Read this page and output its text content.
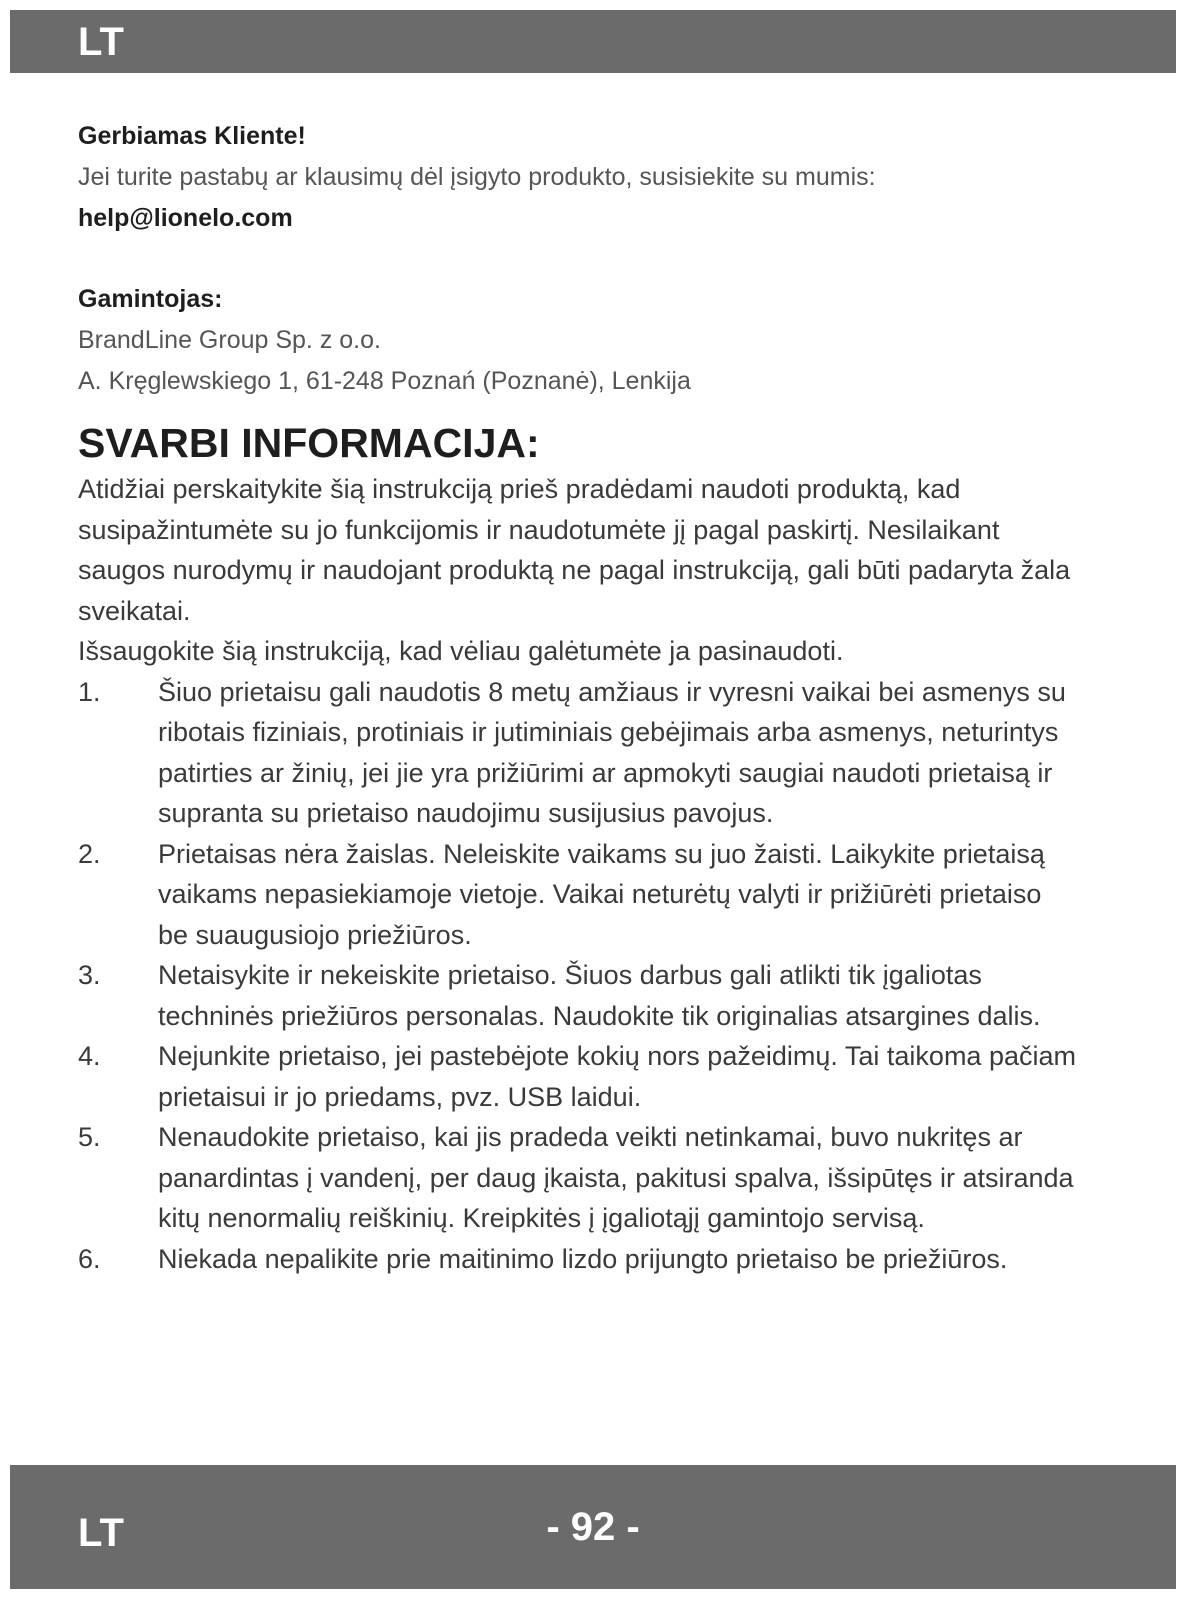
LT
Gerbiamas Kliente!
Jei turite pastabų ar klausimų dėl įsigyto produkto, susisiekite su mumis:
help@lionelo.com
Gamintojas:
BrandLine Group Sp. z o.o.
A. Kręglewskiego 1, 61-248 Poznań (Poznanė), Lenkija
SVARBI INFORMACIJA:
Atidžiai perskaitykite šią instrukciją prieš pradėdami naudoti produktą, kad susipažintumėte su jo funkcijomis ir naudotumėte jį pagal paskirtį. Nesilaikant saugos nurodymų ir naudojant produktą ne pagal instrukciją, gali būti padaryta žala sveikatai.
Išsaugokite šią instrukciją, kad vėliau galėtumėte ja pasinaudoti.
1. Šiuo prietaisu gali naudotis 8 metų amžiaus ir vyresni vaikai bei asmenys su ribotais fiziniais, protiniais ir jutiminiais gebėjimais arba asmenys, neturintys patirties ar žinių, jei jie yra prižiūrimi ar apmokyti saugiai naudoti prietaisą ir supranta su prietaiso naudojimu susijusius pavojus.
2. Prietaisas nėra žaislas. Neleiskite vaikams su juo žaisti. Laikykite prietaisą vaikams nepasiekiamoje vietoje. Vaikai neturėtų valyti ir prižiūrėti prietaiso be suaugusiojo priežiūros.
3. Netaisykite ir nekeiskite prietaiso. Šiuos darbus gali atlikti tik įgaliotas techninės priežiūros personalas. Naudokite tik originalias atsargines dalis.
4. Nejunkite prietaiso, jei pastebėjote kokių nors pažeidimų. Tai taikoma pačiam prietaisui ir jo priedams, pvz. USB laidui.
5. Nenaudokite prietaiso, kai jis pradeda veikti netinkamai, buvo nukritęs ar panardintas į vandenį, per daug įkaista, pakitusi spalva, išsipūtęs ir atsiranda kitų nenormalių reiškinių. Kreipkitės į įgaliotąjį gamintojo servisą.
6. Niekada nepalikite prie maitinimo lizdo prijungto prietaiso be priežiūros.
LT	- 92 -
